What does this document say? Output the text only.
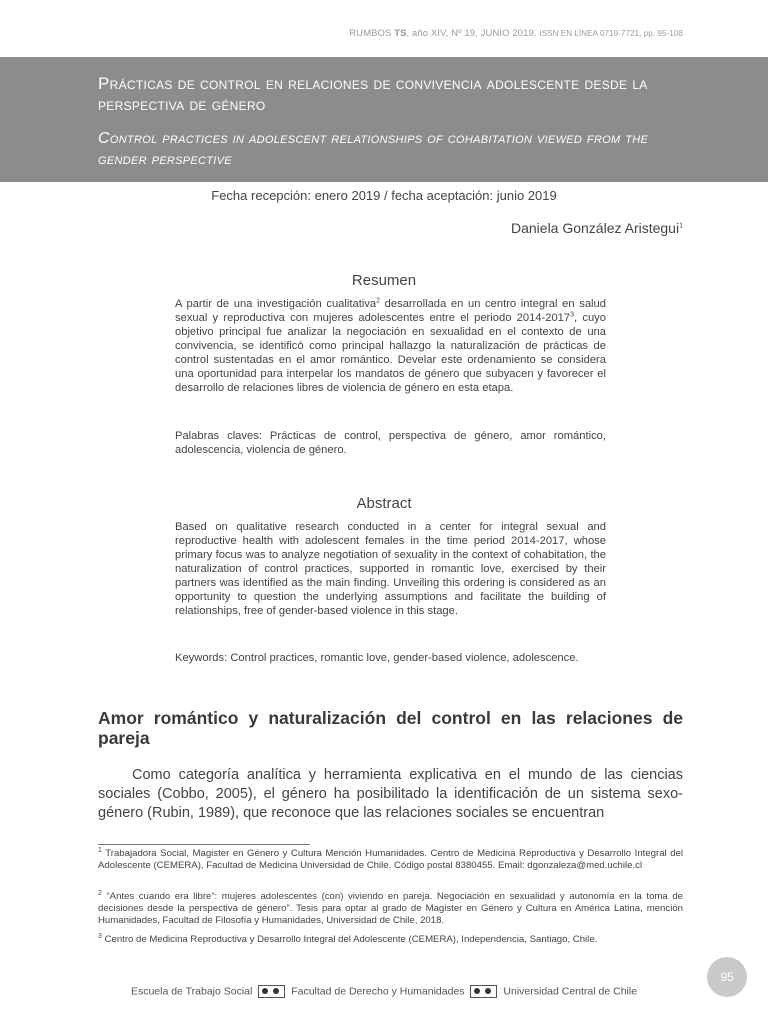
RUMBOS TS, año XIV, Nº 19, JUNIO 2019. ISSN EN LÍNEA 0719-7721, pp. 95-108
Prácticas de control en relaciones de convivencia adolescente desde la perspectiva de género
Control practices in adolescent relationships of cohabitation viewed from the gender perspective
Fecha recepción: enero 2019 / fecha aceptación: junio 2019
Daniela González Aristegui$^1$
Resumen
A partir de una investigación cualitativa$^2$ desarrollada en un centro integral en salud sexual y reproductiva con mujeres adolescentes entre el periodo 2014-2017$^3$, cuyo objetivo principal fue analizar la negociación en sexualidad en el contexto de una convivencia, se identificó como principal hallazgo la naturalización de prácticas de control sustentadas en el amor romántico. Develar este ordenamiento se considera una oportunidad para interpelar los mandatos de género que subyacen y favorecer el desarrollo de relaciones libres de violencia de género en esta etapa.
Palabras claves: Prácticas de control, perspectiva de género, amor romántico, adolescencia, violencia de género.
Abstract
Based on qualitative research conducted in a center for integral sexual and reproductive health with adolescent females in the time period 2014-2017, whose primary focus was to analyze negotiation of sexuality in the context of cohabitation, the naturalization of control practices, supported in romantic love, exercised by their partners was identified as the main finding. Unveiling this ordering is considered as an opportunity to question the underlying assumptions and facilitate the building of relationships, free of gender-based violence in this stage.
Keywords: Control practices, romantic love, gender-based violence, adolescence.
Amor romántico y naturalización del control en las relaciones de pareja
Como categoría analítica y herramienta explicativa en el mundo de las ciencias sociales (Cobbo, 2005), el género ha posibilitado la identificación de un sistema sexo-género (Rubin, 1989), que reconoce que las relaciones sociales se encuentran
$^1$ Trabajadora Social, Magister en Género y Cultura Mención Humanidades. Centro de Medicina Reproductiva y Desarrollo Integral del Adolescente (CEMERA), Facultad de Medicina Universidad de Chile. Código postal 8380455. Email: dgonzaleza@med.uchile.cl
$^2$ “Antes cuando era libre”: mujeres adolescentes (con) viviendo en pareja. Negociación en sexualidad y autonomía en la toma de decisiones desde la perspectiva de género”. Tesis para optar al grado de Magister en Género y Cultura en América Latina, mención Humanidades, Facultad de Filosofía y Humanidades, Universidad de Chile, 2018.
$^3$ Centro de Medicina Reproductiva y Desarrollo Integral del Adolescente (CEMERA), Independencia, Santiago, Chile.
95
Escuela de Trabajo Social	Facultad de Derecho y Humanidades	Universidad Central de Chile
